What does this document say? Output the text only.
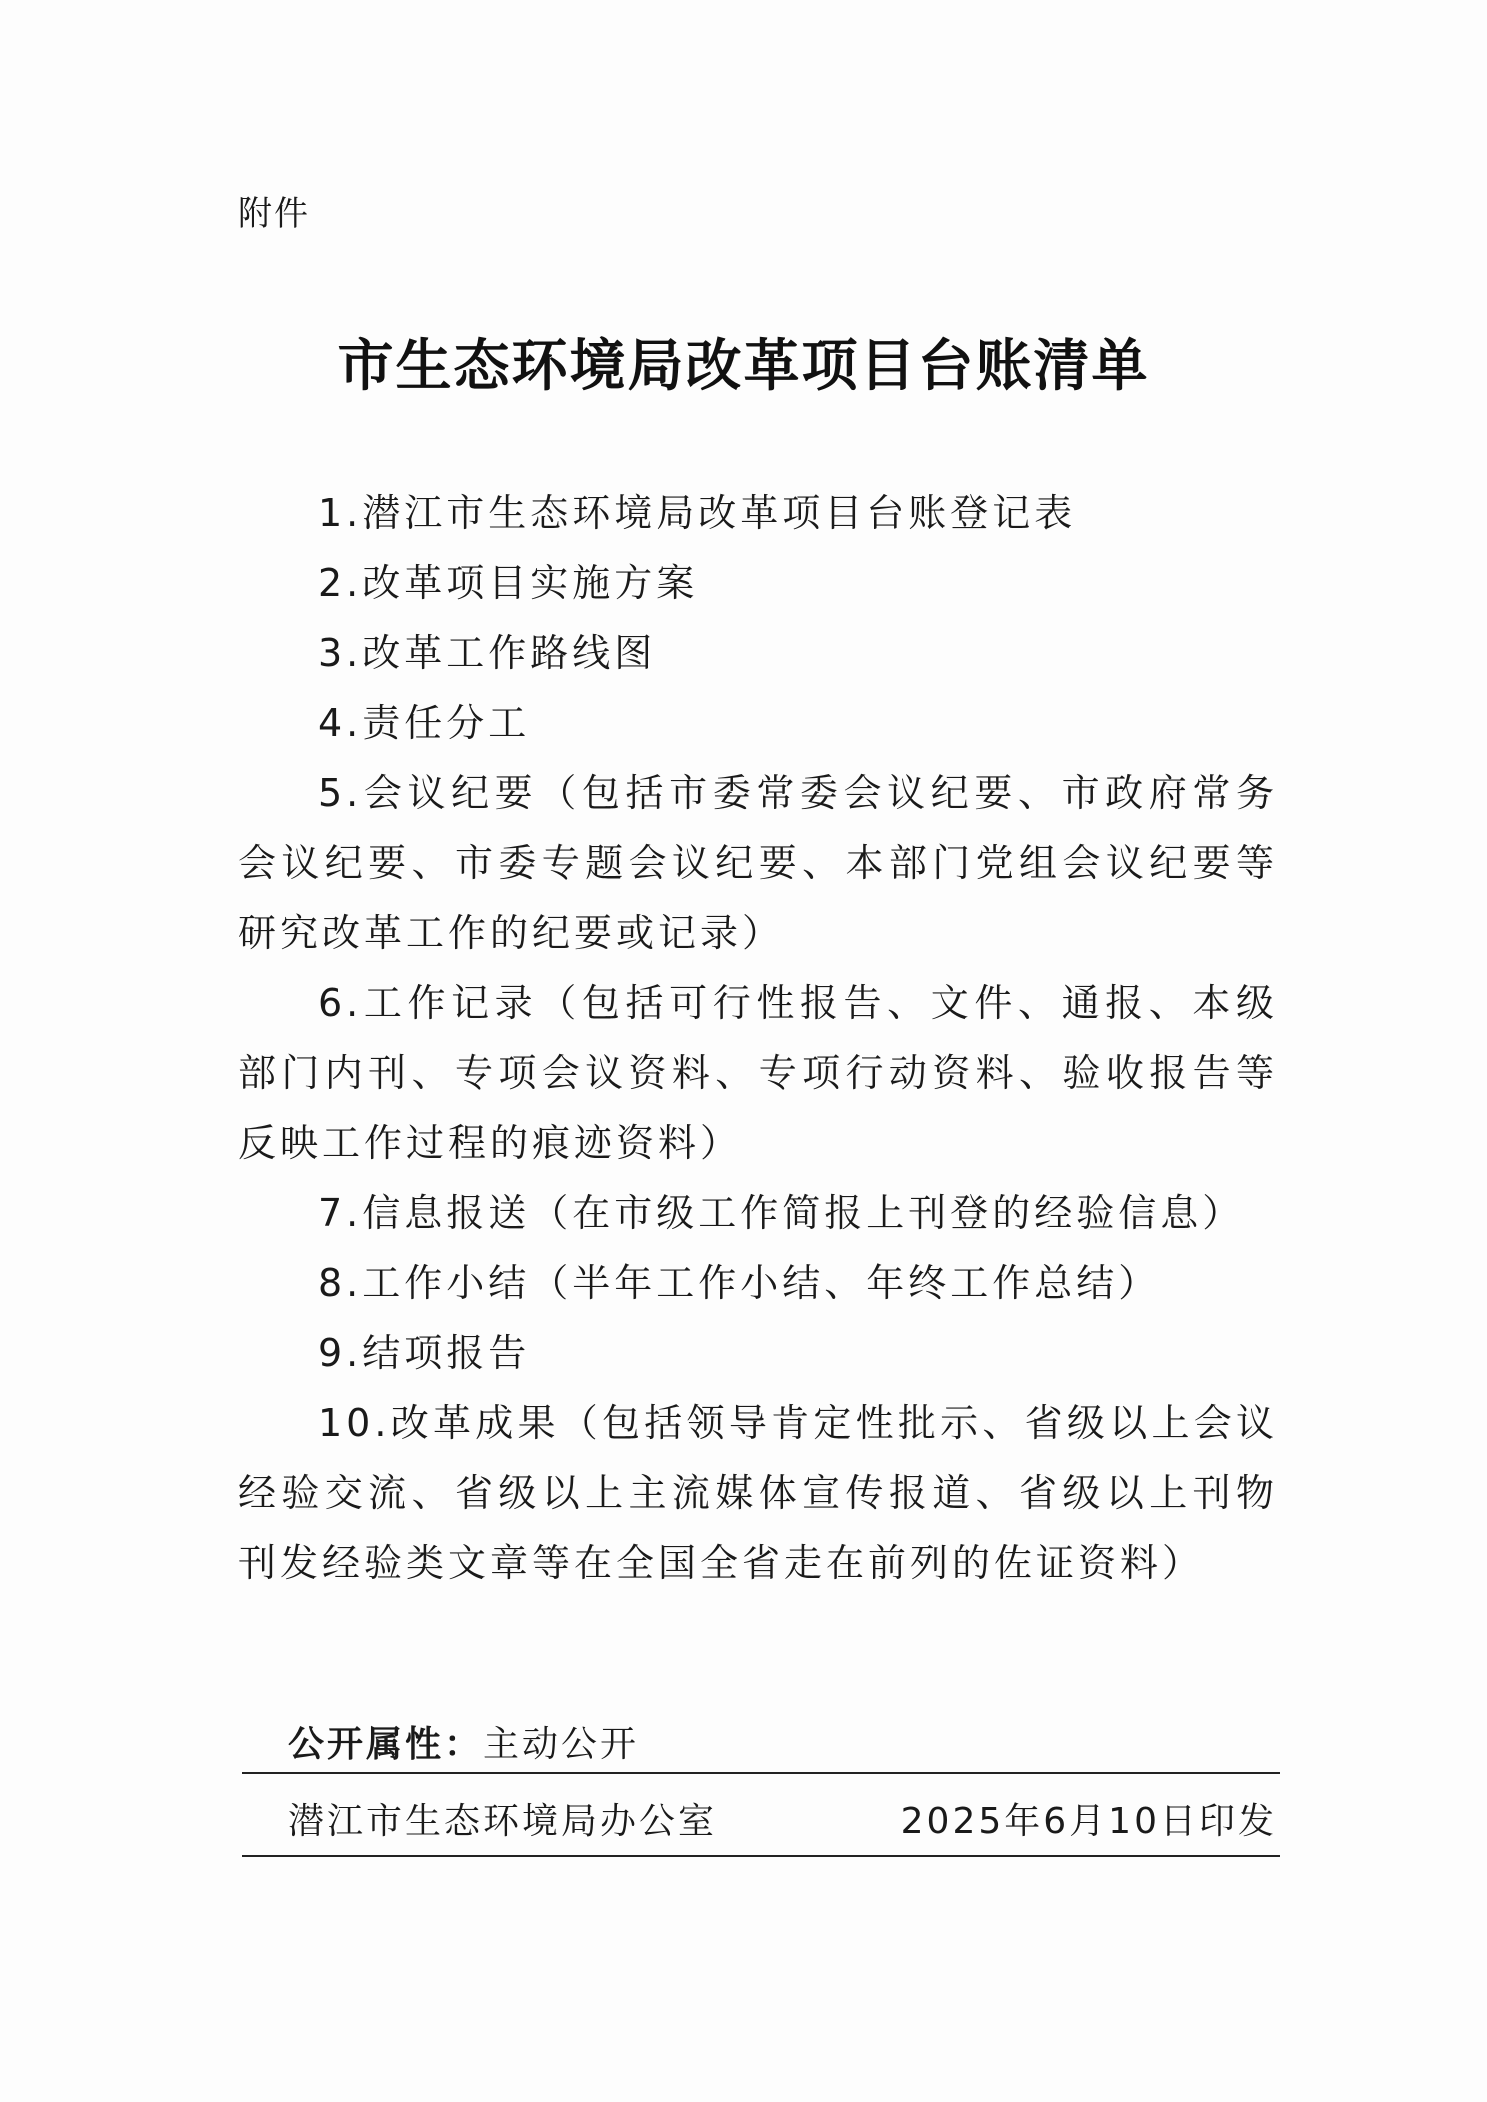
附件
市生态环境局改革项目台账清单
1.潜江市生态环境局改革项目台账登记表
2.改革项目实施方案
3.改革工作路线图
4.责任分工
5.会议纪要（包括市委常委会议纪要、市政府常务会议纪要、市委专题会议纪要、本部门党组会议纪要等研究改革工作的纪要或记录）
6.工作记录（包括可行性报告、文件、通报、本级部门内刊、专项会议资料、专项行动资料、验收报告等反映工作过程的痕迹资料）
7.信息报送（在市级工作简报上刊登的经验信息）
8.工作小结（半年工作小结、年终工作总结）
9.结项报告
10.改革成果（包括领导肯定性批示、省级以上会议经验交流、省级以上主流媒体宣传报道、省级以上刊物刊发经验类文章等在全国全省走在前列的佐证资料）
公开属性：主动公开
潜江市生态环境局办公室	2025年6月10日印发
